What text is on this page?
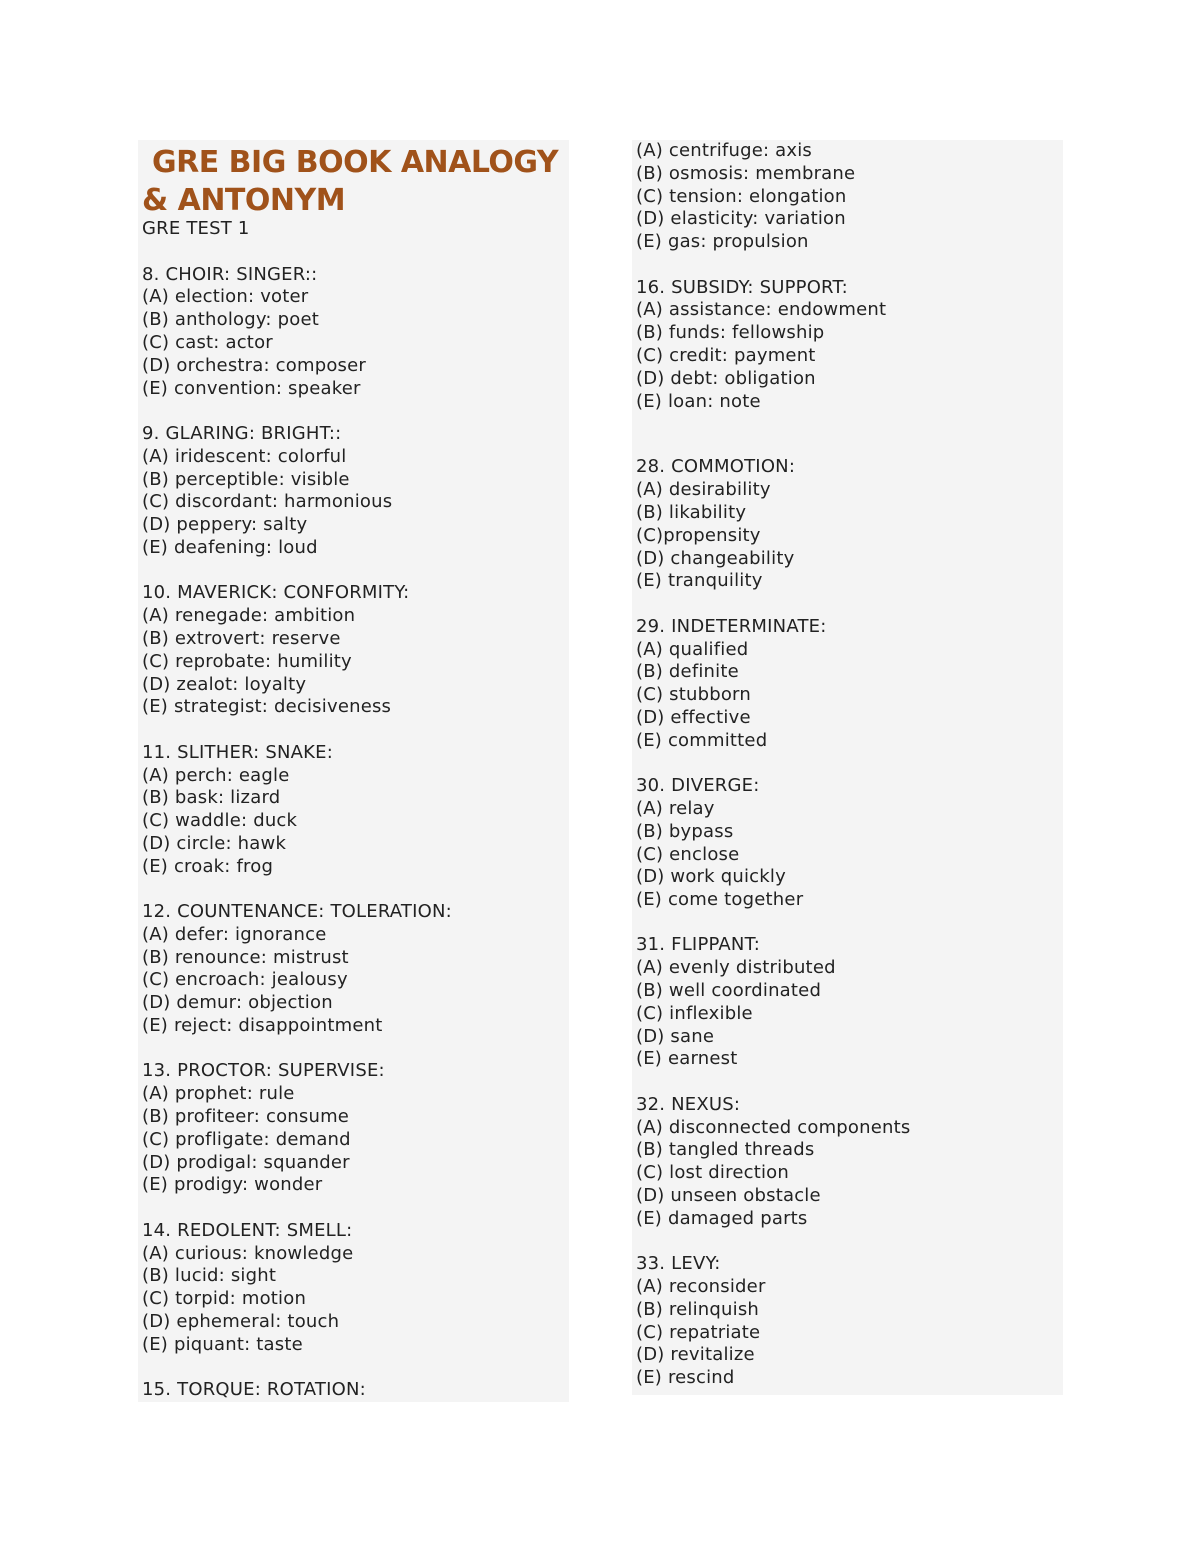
GRE BIG BOOK ANALOGY
& ANTONYM
GRE TEST 1
8. CHOIR: SINGER::
(A) election: voter
(B) anthology: poet
(C) cast: actor
(D) orchestra: composer
(E) convention: speaker
9. GLARING: BRIGHT::
(A) iridescent: colorful
(B) perceptible: visible
(C) discordant: harmonious
(D) peppery: salty
(E) deafening: loud
10. MAVERICK: CONFORMITY:
(A) renegade: ambition
(B) extrovert: reserve
(C) reprobate: humility
(D) zealot: loyalty
(E) strategist: decisiveness
11. SLITHER: SNAKE:
(A) perch: eagle
(B) bask: lizard
(C) waddle: duck
(D) circle: hawk
(E) croak: frog
12. COUNTENANCE: TOLERATION:
(A) defer: ignorance
(B) renounce: mistrust
(C) encroach: jealousy
(D) demur: objection
(E) reject: disappointment
13. PROCTOR: SUPERVISE:
(A) prophet: rule
(B) profiteer: consume
(C) profligate: demand
(D) prodigal: squander
(E) prodigy: wonder
14. REDOLENT: SMELL:
(A) curious: knowledge
(B) lucid: sight
(C) torpid: motion
(D) ephemeral: touch
(E) piquant: taste
15. TORQUE: ROTATION:
(A) centrifuge: axis
(B) osmosis: membrane
(C) tension: elongation
(D) elasticity: variation
(E) gas: propulsion
16. SUBSIDY: SUPPORT:
(A) assistance: endowment
(B) funds: fellowship
(C) credit: payment
(D) debt: obligation
(E) loan: note
28. COMMOTION:
(A) desirability
(B) likability
(C)propensity
(D) changeability
(E) tranquility
29. INDETERMINATE:
(A) qualified
(B) definite
(C) stubborn
(D) effective
(E) committed
30. DIVERGE:
(A) relay
(B) bypass
(C) enclose
(D) work quickly
(E) come together
31. FLIPPANT:
(A) evenly distributed
(B) well coordinated
(C) inflexible
(D) sane
(E) earnest
32. NEXUS:
(A) disconnected components
(B) tangled threads
(C) lost direction
(D) unseen obstacle
(E) damaged parts
33. LEVY:
(A) reconsider
(B) relinquish
(C) repatriate
(D) revitalize
(E) rescind
